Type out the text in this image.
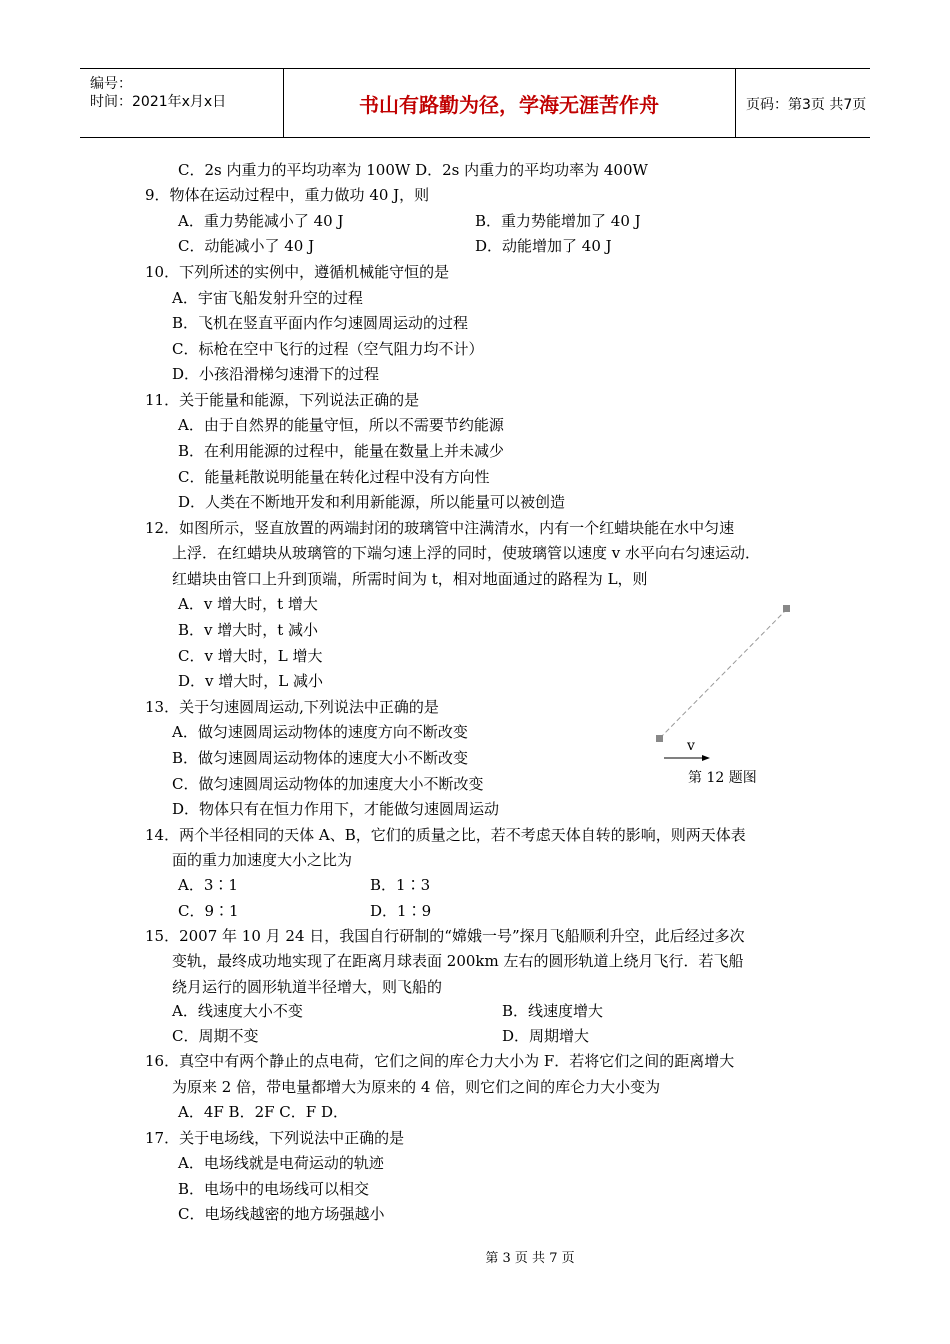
编号：
时间：2021年x月x日	书山有路勤为径，学海无涯苦作舟	页码：第3页 共7页
C．2s 内重力的平均功率为 100W D．2s 内重力的平均功率为 400W
9．物体在运动过程中，重力做功 40 J，则
A．重力势能减小了 40 J	B．重力势能增加了 40 J
C．动能减小了 40 J	D．动能增加了 40 J
10．下列所述的实例中，遵循机械能守恒的是
A．宇宙飞船发射升空的过程
B．飞机在竖直平面内作匀速圆周运动的过程
C．标枪在空中飞行的过程（空气阻力均不计）
D．小孩沿滑梯匀速滑下的过程
11．关于能量和能源，下列说法正确的是
A．由于自然界的能量守恒，所以不需要节约能源
B．在利用能源的过程中，能量在数量上并未减少
C．能量耗散说明能量在转化过程中没有方向性
D．人类在不断地开发和利用新能源，所以能量可以被创造
12．如图所示，竖直放置的两端封闭的玻璃管中注满清水，内有一个红蜡块能在水中匀速
上浮．在红蜡块从玻璃管的下端匀速上浮的同时，使玻璃管以速度 v 水平向右匀速运动．
红蜡块由管口上升到顶端，所需时间为 t，相对地面通过的路程为 L，则
A．v 增大时，t 增大
B．v 增大时，t 减小
C．v 增大时，L 增大
D．v 增大时，L 减小
13．关于匀速圆周运动,下列说法中正确的是
A．做匀速圆周运动物体的速度方向不断改变
B．做匀速圆周运动物体的速度大小不断改变
C．做匀速圆周运动物体的加速度大小不断改变
D．物体只有在恒力作用下，才能做匀速圆周运动
14．两个半径相同的天体 A、B，它们的质量之比，若不考虑天体自转的影响，则两天体表
面的重力加速度大小之比为
A．3∶1	B．1∶3
C．9∶1	D．1∶9
15．2007 年 10 月 24 日，我国自行研制的“嫦娥一号”探月飞船顺利升空，此后经过多次
变轨，最终成功地实现了在距离月球表面 200km 左右的圆形轨道上绕月飞行．若飞船
绕月运行的圆形轨道半径增大，则飞船的
A．线速度大小不变	B．线速度增大
C．周期不变	D．周期增大
16．真空中有两个静止的点电荷，它们之间的库仑力大小为 F．若将它们之间的距离增大
为原来 2 倍，带电量都增大为原来的 4 倍，则它们之间的库仑力大小变为
A．4F B．2F C．F D．
17．关于电场线，下列说法中正确的是
A．电场线就是电荷运动的轨迹
B．电场中的电场线可以相交
C．电场线越密的地方场强越小
v
第 12 题图
第 3 页 共 7 页
